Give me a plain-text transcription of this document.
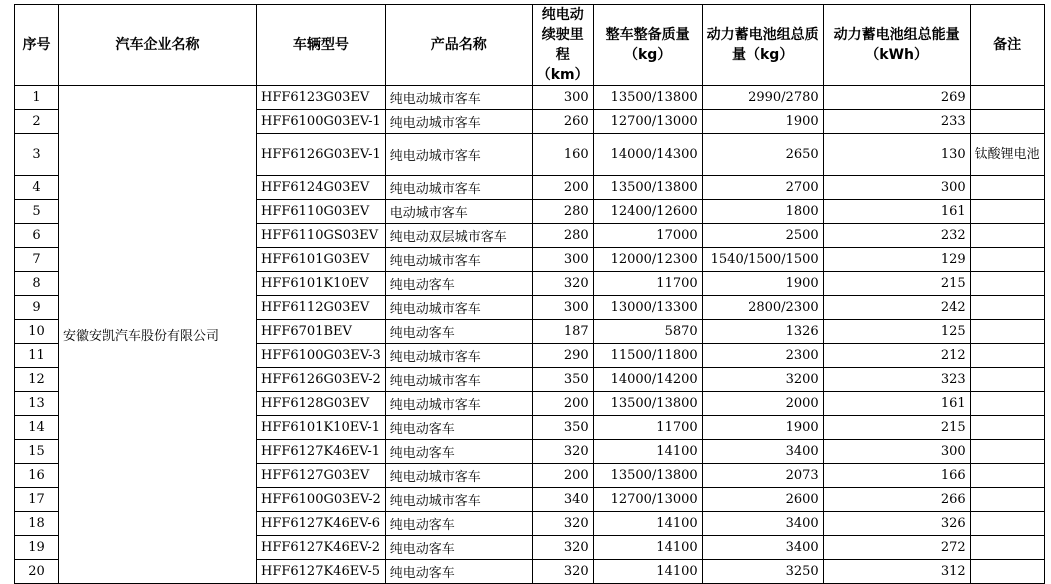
序号	汽车企业名称	车辆型号	产品名称	纯电动续驶里程（km）	整车整备质量（kg）	动力蓄电池组总质量（kg）	动力蓄电池组总能量（kWh）	备注
1	安徽安凯汽车股份有限公司	HFF6123G03EV	纯电动城市客车	300	13500/13800	2990/2780	269	
2		HFF6100G03EV-1	纯电动城市客车	260	12700/13000	1900	233	
3		HFF6126G03EV-1	纯电动城市客车	160	14000/14300	2650	130	钛酸锂电池
4		HFF6124G03EV	纯电动城市客车	200	13500/13800	2700	300	
5		HFF6110G03EV	电动城市客车	280	12400/12600	1800	161	
6		HFF6110GS03EV	纯电动双层城市客车	280	17000	2500	232	
7		HFF6101G03EV	纯电动城市客车	300	12000/12300	1540/1500/1500	129	
8		HFF6101K10EV	纯电动客车	320	11700	1900	215	
9		HFF6112G03EV	纯电动城市客车	300	13000/13300	2800/2300	242	
10		HFF6701BEV	纯电动客车	187	5870	1326	125	
11		HFF6100G03EV-3	纯电动城市客车	290	11500/11800	2300	212	
12		HFF6126G03EV-2	纯电动城市客车	350	14000/14200	3200	323	
13		HFF6128G03EV	纯电动城市客车	200	13500/13800	2000	161	
14		HFF6101K10EV-1	纯电动客车	350	11700	1900	215	
15		HFF6127K46EV-1	纯电动客车	320	14100	3400	300	
16		HFF6127G03EV	纯电动城市客车	200	13500/13800	2073	166	
17		HFF6100G03EV-2	纯电动城市客车	340	12700/13000	2600	266	
18		HFF6127K46EV-6	纯电动客车	320	14100	3400	326	
19		HFF6127K46EV-2	纯电动客车	320	14100	3400	272	
20		HFF6127K46EV-5	纯电动客车	320	14100	3250	312	
